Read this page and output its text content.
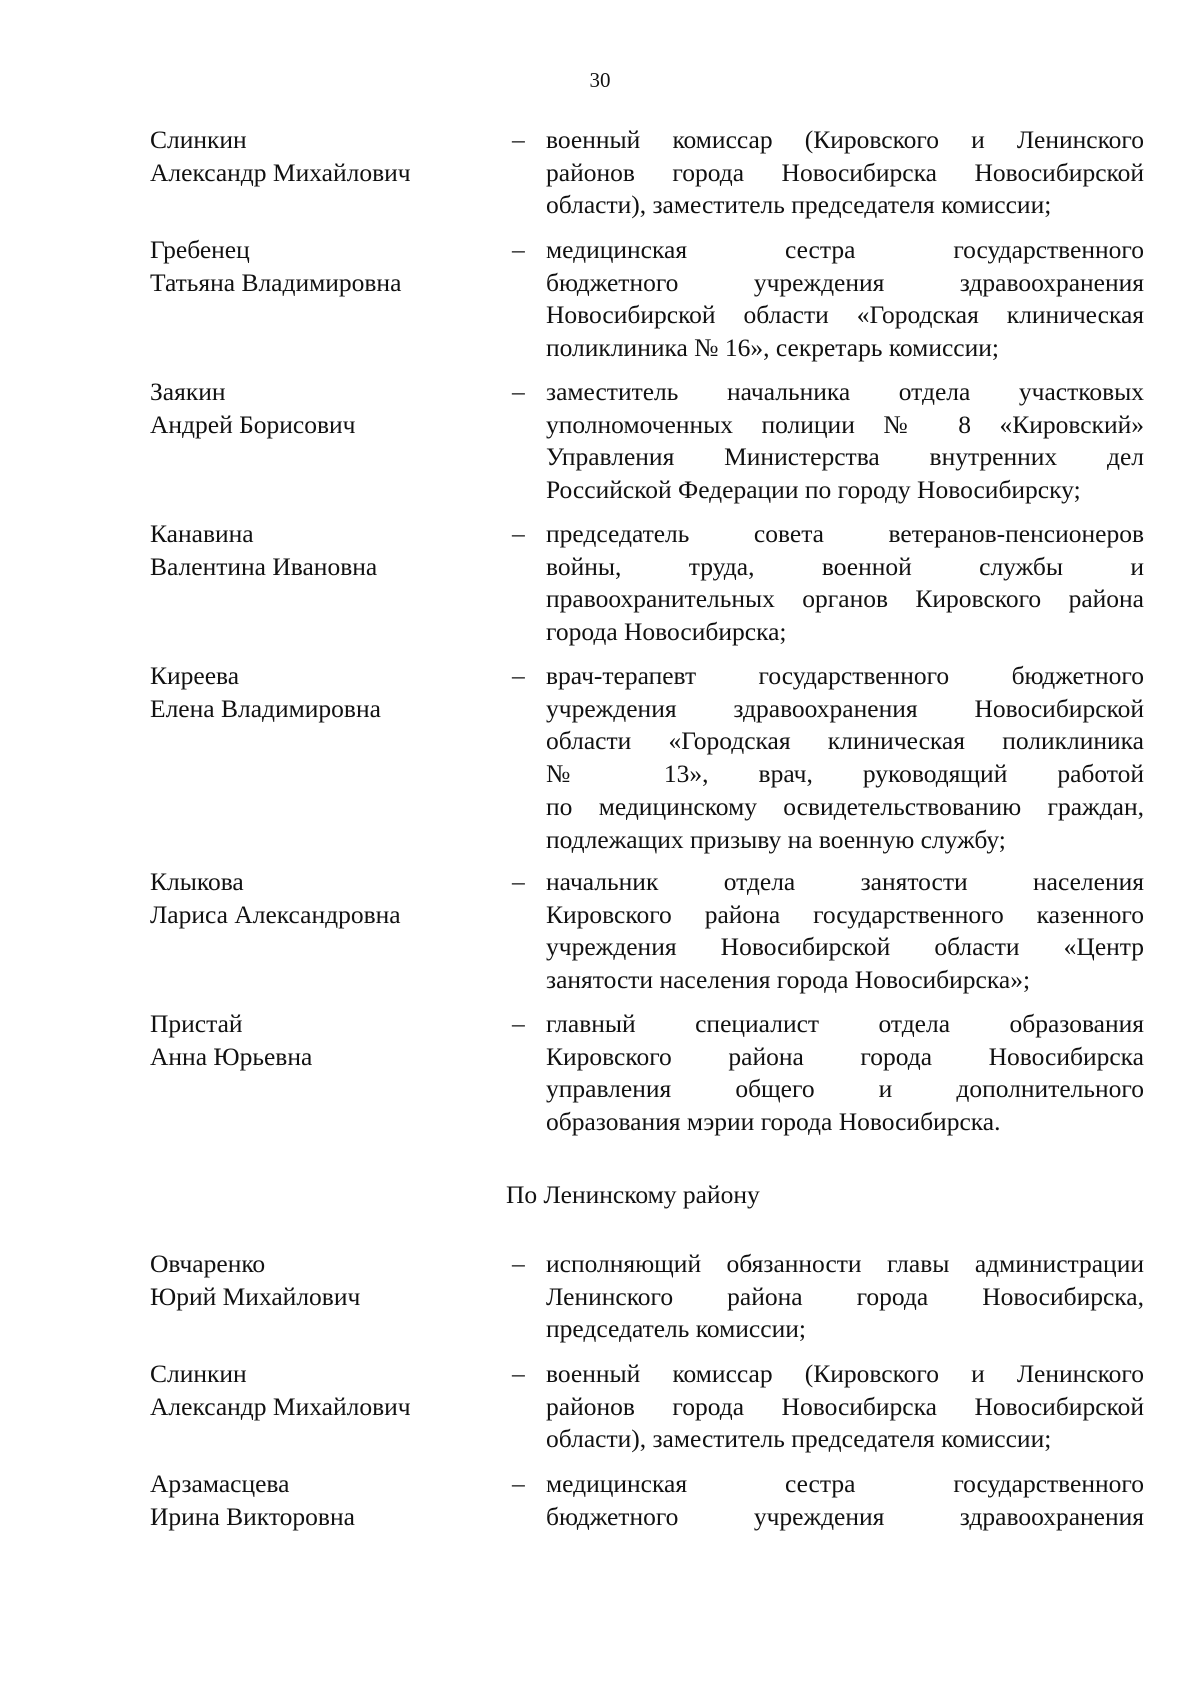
30
Слинкин
Александр Михайлович
– военный комиссар (Кировского и Ленинского
районов города Новосибирска Новосибирской
области), заместитель председателя комиссии;
Гребенец
Татьяна Владимировна
– медицинская сестра государственного
бюджетного учреждения здравоохранения
Новосибирской области «Городская клиническая
поликлиника № 16», секретарь комиссии;
Заякин
Андрей Борисович
– заместитель начальника отдела участковых
уполномоченных полиции № 8 «Кировский»
Управления Министерства внутренних дел
Российской Федерации по городу Новосибирску;
Канавина
Валентина Ивановна
– председатель совета ветеранов-пенсионеров
войны, труда, военной службы и
правоохранительных органов Кировского района
города Новосибирска;
Киреева
Елена Владимировна
– врач-терапевт государственного бюджетного
учреждения здравоохранения Новосибирской
области «Городская клиническая поликлиника
№ 13», врач, руководящий работой
по медицинскому освидетельствованию граждан,
подлежащих призыву на военную службу;
Клыкова
Лариса Александровна
– начальник отдела занятости населения
Кировского района государственного казенного
учреждения Новосибирской области «Центр
занятости населения города Новосибирска»;
Пристай
Анна Юрьевна
– главный специалист отдела образования
Кировского района города Новосибирска
управления общего и дополнительного
образования мэрии города Новосибирска.
По Ленинскому району
Овчаренко
Юрий Михайлович
– исполняющий обязанности главы администрации
Ленинского района города Новосибирска,
председатель комиссии;
Слинкин
Александр Михайлович
– военный комиссар (Кировского и Ленинского
районов города Новосибирска Новосибирской
области), заместитель председателя комиссии;
Арзамасцева
Ирина Викторовна
– медицинская сестра государственного
бюджетного учреждения здравоохранения
